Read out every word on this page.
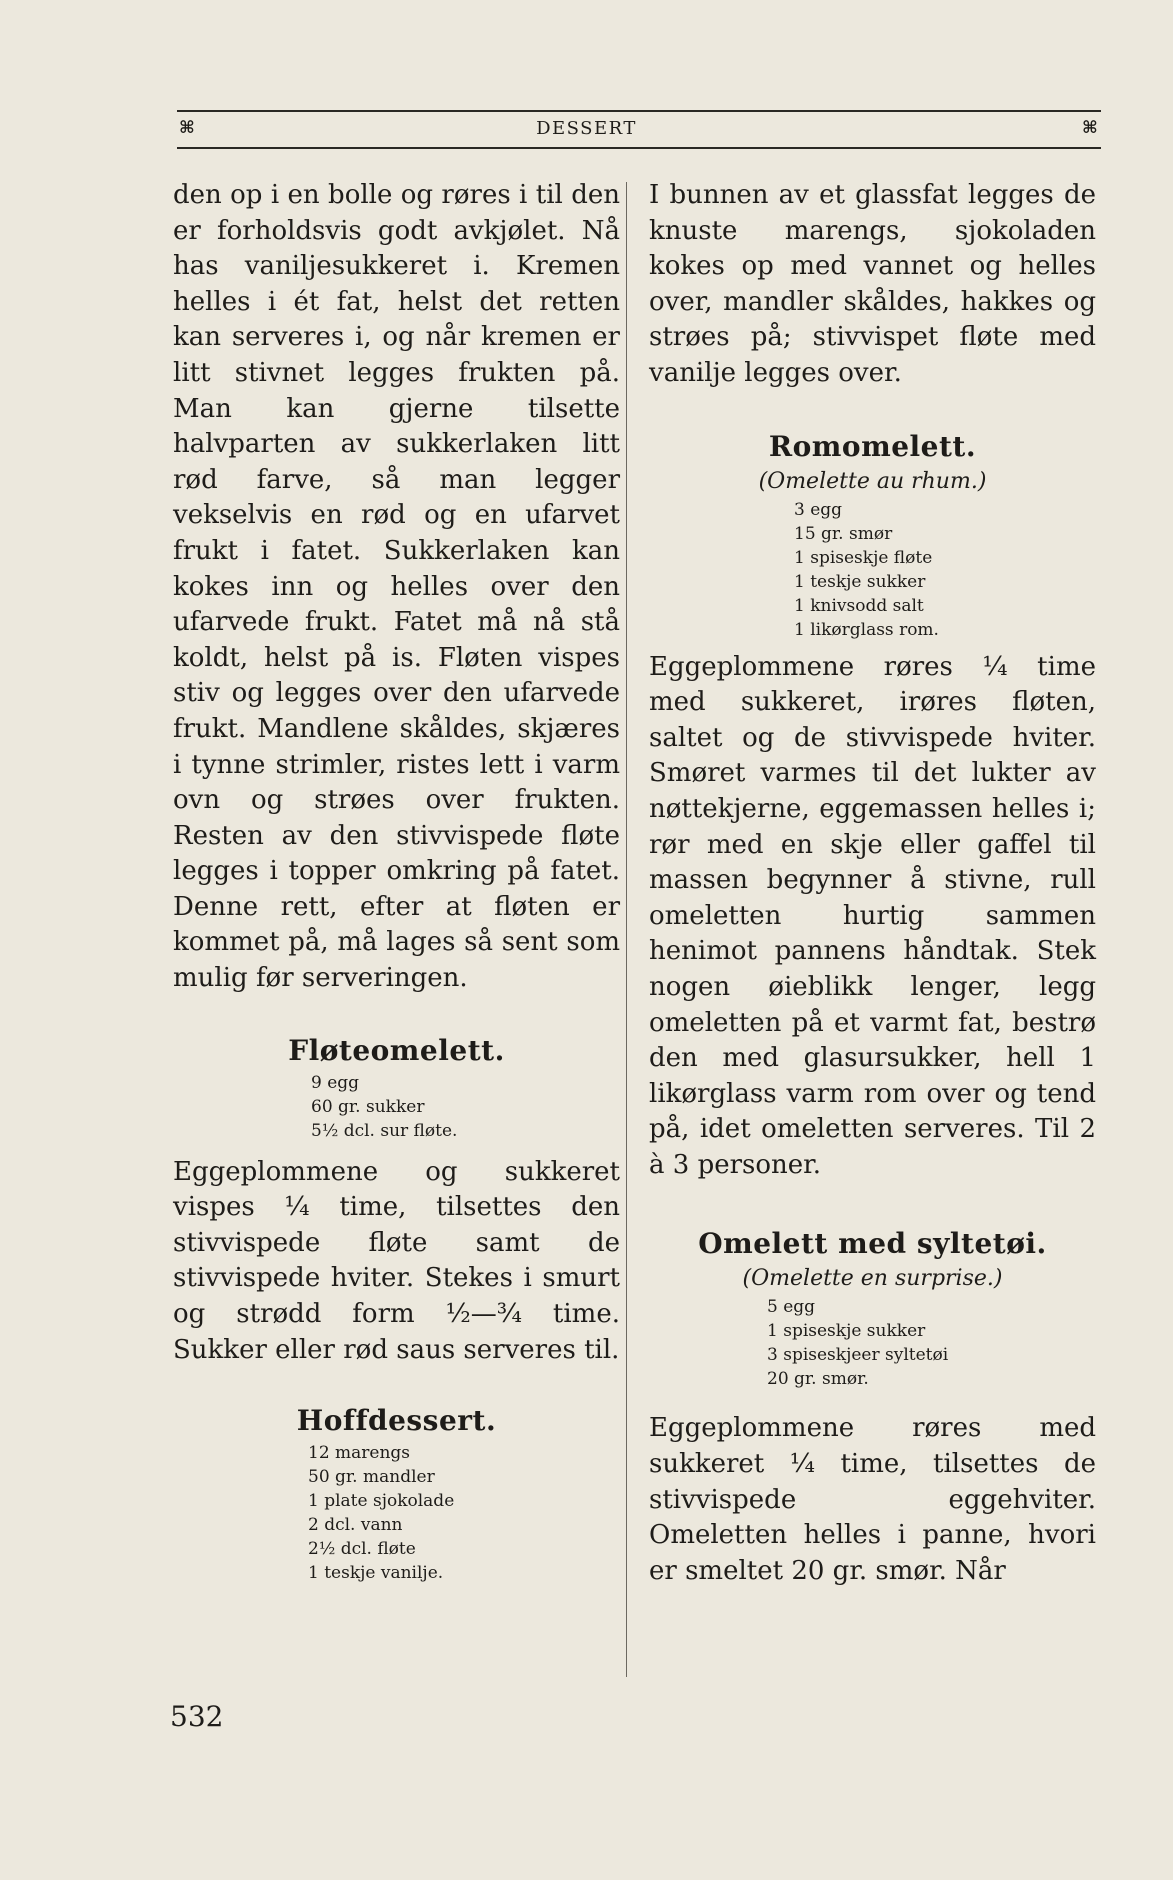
⌘	DESSERT	⌘

den op i en bolle og røres i til den er forholdsvis godt avkjølet. Nå has vaniljesukkeret i. Kremen helles i ét fat, helst det retten kan serveres i, og når kremen er litt stivnet legges frukten på. Man kan gjerne tilsette halvparten av sukkerlaken litt rød farve, så man legger vekselvis en rød og en ufarvet frukt i fatet. Sukkerlaken kan kokes inn og helles over den ufarvede frukt. Fatet må nå stå koldt, helst på is. Fløten vispes stiv og legges over den ufarvede frukt. Mandlene skåldes, skjæres i tynne strimler, ristes lett i varm ovn og strøes over frukten. Resten av den stivvispede fløte legges i topper omkring på fatet. Denne rett, efter at fløten er kommet på, må lages så sent som mulig før serveringen.

Fløteomelett.

9 egg
60 gr. sukker
5½ dcl. sur fløte.

Eggeplommene og sukkeret vispes ¼ time, tilsettes den stivvispede fløte samt de stivvispede hviter. Stekes i smurt og strødd form ½—¾ time. Sukker eller rød saus serveres til.

Hoffdessert.

12 marengs
50 gr. mandler
1 plate sjokolade
2 dcl. vann
2½ dcl. fløte
1 teskje vanilje.

I bunnen av et glassfat legges de knuste marengs, sjokoladen kokes op med vannet og helles over, mandler skåldes, hakkes og strøes på; stivvispet fløte med vanilje legges over.

Romomelett.

(Omelette au rhum.)

3 egg
15 gr. smør
1 spiseskje fløte
1 teskje sukker
1 knivsodd salt
1 likørglass rom.

Eggeplommene røres ¼ time med sukkeret, irøres fløten, saltet og de stivvispede hviter. Smøret varmes til det lukter av nøttekjerne, eggemassen helles i; rør med en skje eller gaffel til massen begynner å stivne, rull omeletten hurtig sammen henimot pannens håndtak. Stek nogen øieblikk lenger, legg omeletten på et varmt fat, bestrø den med glasursukker, hell 1 likørglass varm rom over og tend på, idet omeletten serveres. Til 2 à 3 personer.

Omelett med syltetøi.

(Omelette en surprise.)

5 egg
1 spiseskje sukker
3 spiseskjeer syltetøi
20 gr. smør.

Eggeplommene røres med sukkeret ¼ time, tilsettes de stivvispede eggehviter. Omeletten helles i panne, hvori er smeltet 20 gr. smør. Når

532
